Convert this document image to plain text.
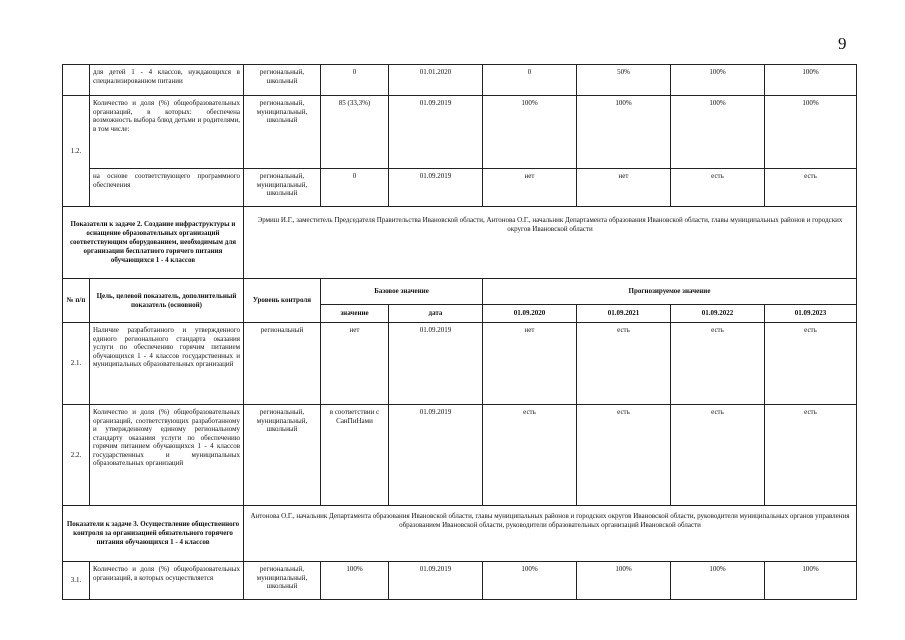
9
	для детей 1 - 4 классов, нуждающихся в специализированном питании	региональный, школьный	0	01.01.2020	0	50%	100%	100%
1.2.	Количество и доля (%) общеобразовательных организаций, в которых: обеспечена возможность выбора блюд детьми и родителями, в том числе:	региональный, муниципальный, школьный	85 (33,3%)	01.09.2019	100%	100%	100%	100%
	на основе соответствующего программного обеспечения	региональный, муниципальный, школьный	0	01.09.2019	нет	нет	есть	есть
Показатели к задаче 2. Создание инфраструктуры и оснащение образовательных организаций соответствующим оборудованием, необходимым для организации бесплатного горячего питания обучающихся 1 - 4 классов		Эрмиш И.Г., заместитель Председателя Правительства Ивановской области, Антонова О.Г., начальник Департамента образования Ивановской области, главы муниципальных районов и городских округов Ивановской области						
№ п/п	Цель, целевой показатель, дополнительный показатель (основной)	Уровень контроля	Базовое значение		Прогнозируемое значение			
			значение	дата	01.09.2020	01.09.2021	01.09.2022	01.09.2023
2.1.	Наличие разработанного и утвержденного единого регионального стандарта оказания услуги по обеспечению горячим питанием обучающихся 1 - 4 классов государственных и муниципальных образовательных организаций	региональный	нет	01.09.2019	нет	есть	есть	есть
2.2.	Количество и доля (%) общеобразовательных организаций, соответствующих разработанному и утвержденному единому региональному стандарту оказания услуги по обеспечению горячим питанием обучающихся 1 - 4 классов государственных и муниципальных образовательных организаций	региональный, муниципальный, школьный	в соответствии с СанПиНами	01.09.2019	есть	есть	есть	есть
Показатели к задаче 3. Осуществление общественного контроля за организацией обязательного горячего питания обучающихся 1 - 4 классов		Антонова О.Г., начальник Департамента образования Ивановской области, главы муниципальных районов и городских округов Ивановской области, руководители муниципальных органов управления образованием Ивановской области, руководители образовательных организаций Ивановской области						
3.1.	Количество и доля (%) общеобразовательных организаций, в которых осуществляется	региональный, муниципальный, школьный	100%	01.09.2019	100%	100%	100%	100%
